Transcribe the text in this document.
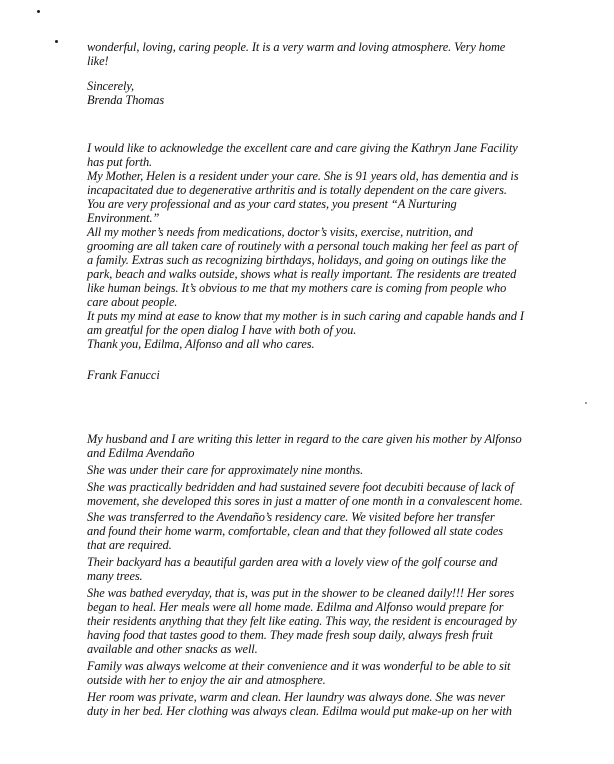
wonderful, loving, caring people. It is a very warm and loving atmosphere. Very home
like!
Sincerely,
Brenda Thomas
I would like to acknowledge the excellent care and care giving the Kathryn Jane Facility
has put forth.
My Mother, Helen is a resident under your care. She is 91 years old, has dementia and is
incapacitated due to degenerative arthritis and is totally dependent on the care givers.
You are very professional and as your card states, you present “A Nurturing
Environment.”
All my mother’s needs from medications, doctor’s visits, exercise, nutrition, and
grooming are all taken care of routinely with a personal touch making her feel as part of
a family. Extras such as recognizing birthdays, holidays, and going on outings like the
park, beach and walks outside, shows what is really important. The residents are treated
like human beings. It’s obvious to me that my mothers care is coming from people who
care about people.
It puts my mind at ease to know that my mother is in such caring and capable hands and I
am greatful for the open dialog I have with both of you.
Thank you, Edilma, Alfonso and all who cares.
Frank Fanucci
My husband and I are writing this letter in regard to the care given his mother by Alfonso
and Edilma Avendaño
She was under their care for approximately nine months.
She was practically bedridden and had sustained severe foot decubiti because of lack of
movement, she developed this sores in just a matter of one month in a convalescent home.
She was transferred to the Avendaño’s residency care. We visited before her transfer
and found their home warm, comfortable, clean and that they followed all state codes
that are required.
Their backyard has a beautiful garden area with a lovely view of the golf course and
many trees.
She was bathed everyday, that is, was put in the shower to be cleaned daily!!! Her sores
began to heal. Her meals were all home made. Edilma and Alfonso would prepare for
their residents anything that they felt like eating. This way, the resident is encouraged by
having food that tastes good to them. They made fresh soup daily, always fresh fruit
available and other snacks as well.
Family was always welcome at their convenience and it was wonderful to be able to sit
outside with her to enjoy the air and atmosphere.
Her room was private, warm and clean. Her laundry was always done. She was never
duty in her bed. Her clothing was always clean. Edilma would put make-up on her with
